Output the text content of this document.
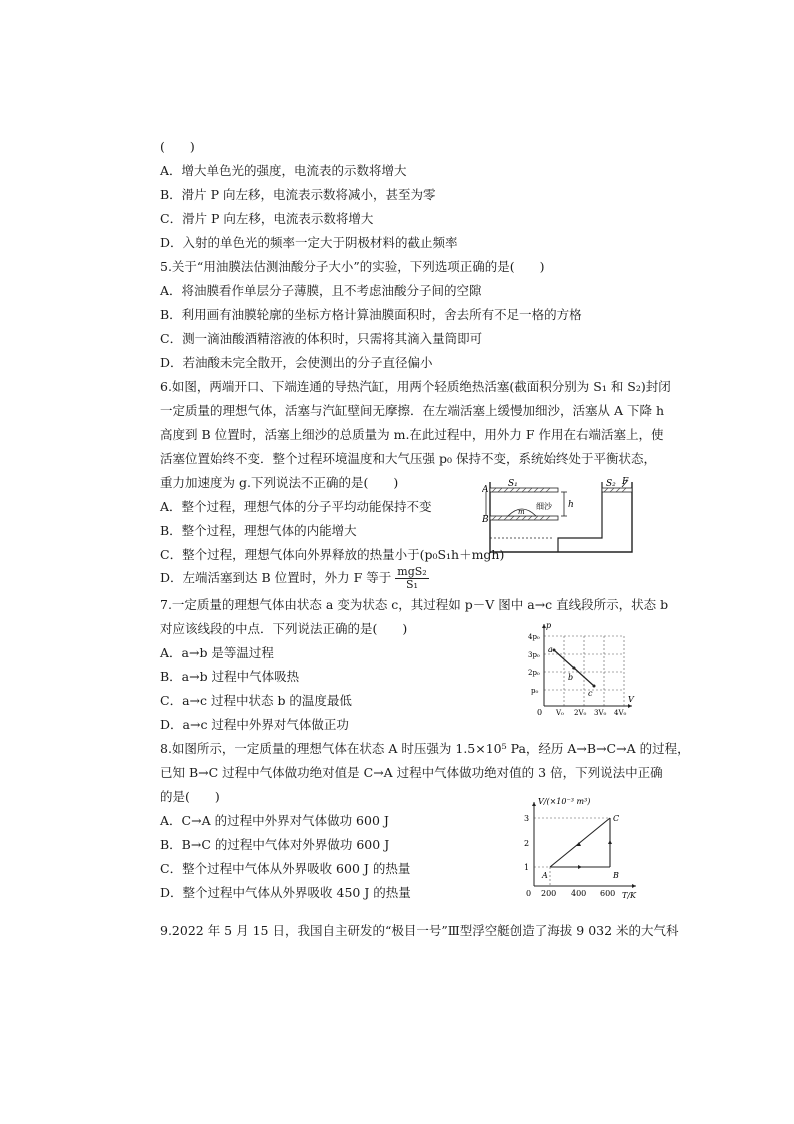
(　　)
A．增大单色光的强度，电流表的示数将增大
B．滑片 P 向左移，电流表示数将减小，甚至为零
C．滑片 P 向左移，电流表示数将增大
D．入射的单色光的频率一定大于阴极材料的截止频率
5.关于“用油膜法估测油酸分子大小”的实验，下列选项正确的是(　　)
A．将油膜看作单层分子薄膜，且不考虑油酸分子间的空隙
B．利用画有油膜轮廓的坐标方格计算油膜面积时，舍去所有不足一格的方格
C．测一滴油酸酒精溶液的体积时，只需将其滴入量筒即可
D．若油酸未完全散开，会使测出的分子直径偏小
6.如图，两端开口、下端连通的导热汽缸，用两个轻质绝热活塞(截面积分别为 S₁ 和 S₂)封闭
一定质量的理想气体，活塞与汽缸壁间无摩擦．在左端活塞上缓慢加细沙，活塞从 A 下降 h
高度到 B 位置时，活塞上细沙的总质量为 m.在此过程中，用外力 F 作用在右端活塞上，使
活塞位置始终不变．整个过程环境温度和大气压强 p₀ 保持不变，系统始终处于平衡状态，
重力加速度为 g.下列说法不正确的是(　　)
A．整个过程，理想气体的分子平均动能保持不变
B．整个过程，理想气体的内能增大
C．整个过程，理想气体向外界释放的热量小于(p₀S₁h＋mgh)
D．左端活塞到达 B 位置时，外力 F 等于 $\frac{\text{mgS₂}}{\text{S₁}}$
A
B
S₁	S₂ F
h
细沙
m
7.一定质量的理想气体由状态 a 变为状态 c，其过程如 p－V 图中 a→c 直线段所示，状态 b
对应该线段的中点．下列说法正确的是(　　)
A．a→b 是等温过程
B．a→b 过程中气体吸热
C．a→c 过程中状态 b 的温度最低
D．a→c 过程中外界对气体做正功
p
V
0
4p₀
3p₀
2p₀
p₀
V₀ 2V₀ 3V₀ 4V₀
a
b
c
8.如图所示，一定质量的理想气体在状态 A 时压强为 1.5×10⁵ Pa，经历 A→B→C→A 的过程，
已知 B→C 过程中气体做功绝对值是 C→A 过程中气体做功绝对值的 3 倍，下列说法中正确
的是(　　)
A．C→A 的过程中外界对气体做功 600 J
B．B→C 的过程中气体对外界做功 600 J
C．整个过程中气体从外界吸收 600 J 的热量
D．整个过程中气体从外界吸收 450 J 的热量
V/(×10⁻³ m³)
T/K
0
3
2
1
200 400 600
A	B
C
9.2022 年 5 月 15 日，我国自主研发的“极目一号”Ⅲ型浮空艇创造了海拔 9 032 米的大气科
